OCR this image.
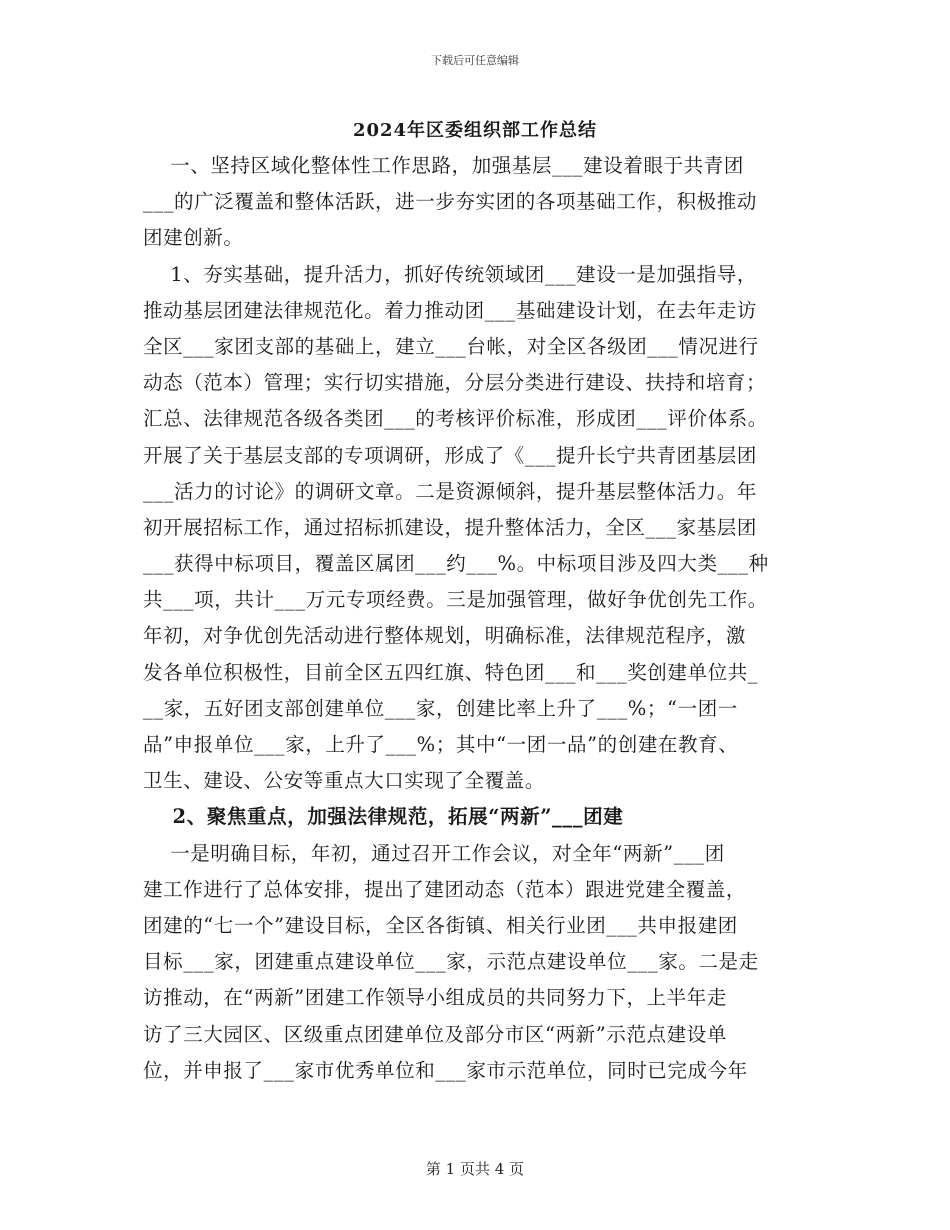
下载后可任意编辑
2024年区委组织部工作总结
一、坚持区域化整体性工作思路，加强基层___建设着眼于共青团
___的广泛覆盖和整体活跃，进一步夯实团的各项基础工作，积极推动
团建创新。
1、夯实基础，提升活力，抓好传统领域团___建设一是加强指导，
推动基层团建法律规范化。着力推动团___基础建设计划，在去年走访
全区___家团支部的基础上，建立___台帐，对全区各级团___情况进行
动态（范本）管理；实行切实措施，分层分类进行建设、扶持和培育；
汇总、法律规范各级各类团___的考核评价标准，形成团___评价体系。
开展了关于基层支部的专项调研，形成了《___提升长宁共青团基层团
___活力的讨论》的调研文章。二是资源倾斜，提升基层整体活力。年
初开展招标工作，通过招标抓建设，提升整体活力，全区___家基层团
___获得中标项目，覆盖区属团___约___%。中标项目涉及四大类___种
共___项，共计___万元专项经费。三是加强管理，做好争优创先工作。
年初，对争优创先活动进行整体规划，明确标准，法律规范程序，激
发各单位积极性，目前全区五四红旗、特色团___和___奖创建单位共_
__家，五好团支部创建单位___家，创建比率上升了___%；“一团一
品”申报单位___家，上升了___%；其中“一团一品”的创建在教育、
卫生、建设、公安等重点大口实现了全覆盖。
2、聚焦重点，加强法律规范，拓展“两新”___团建
一是明确目标，年初，通过召开工作会议，对全年“两新”___团
建工作进行了总体安排，提出了建团动态（范本）跟进党建全覆盖，
团建的“七一个”建设目标，全区各街镇、相关行业团___共申报建团
目标___家，团建重点建设单位___家，示范点建设单位___家。二是走
访推动，在“两新”团建工作领导小组成员的共同努力下，上半年走
访了三大园区、区级重点团建单位及部分市区“两新”示范点建设单
位，并申报了___家市优秀单位和___家市示范单位，同时已完成今年
第 1 页共 4 页
